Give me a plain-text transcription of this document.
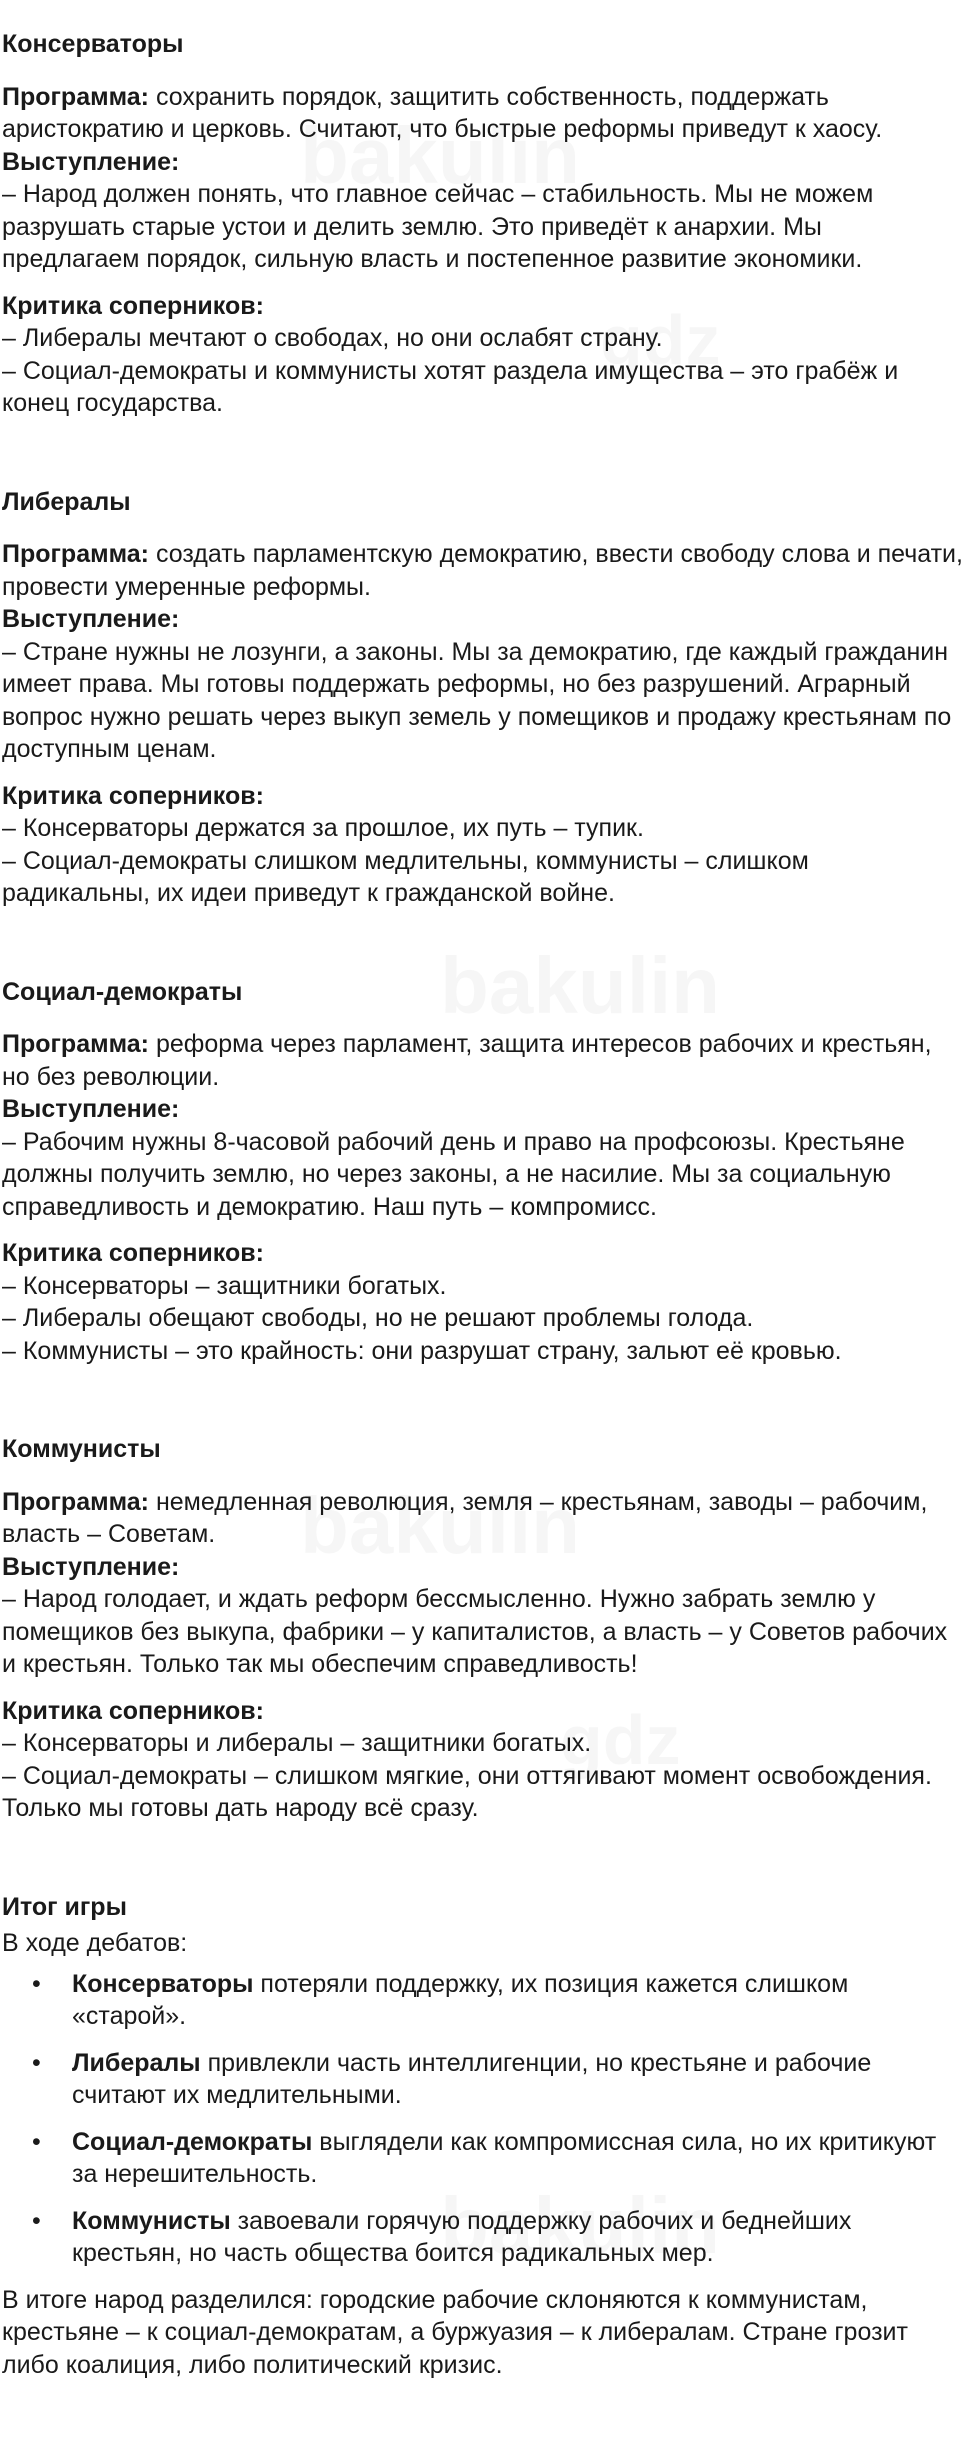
Консерваторы

Программа: сохранить порядок, защитить собственность, поддержать аристократию и церковь. Считают, что быстрые реформы приведут к хаосу.

Выступление:

– Народ должен понять, что главное сейчас – стабильность. Мы не можем разрушать старые устои и делить землю. Это приведёт к анархии. Мы предлагаем порядок, сильную власть и постепенное развитие экономики.

Критика соперников:
– Либералы мечтают о свободах, но они ослабят страну.
– Социал-демократы и коммунисты хотят раздела имущества – это грабёж и конец государства.
Либералы

Программа: создать парламентскую демократию, ввести свободу слова и печати, провести умеренные реформы.

Выступление:

– Стране нужны не лозунги, а законы. Мы за демократию, где каждый гражданин имеет права. Мы готовы поддержать реформы, но без разрушений. Аграрный вопрос нужно решать через выкуп земель у помещиков и продажу крестьянам по доступным ценам.

Критика соперников:
– Консерваторы держатся за прошлое, их путь – тупик.
– Социал-демократы слишком медлительны, коммунисты – слишком радикальны, их идеи приведут к гражданской войне.
Социал-демократы

Программа: реформа через парламент, защита интересов рабочих и крестьян, но без революции.

Выступление:

– Рабочим нужны 8-часовой рабочий день и право на профсоюзы. Крестьяне должны получить землю, но через законы, а не насилие. Мы за социальную справедливость и демократию. Наш путь – компромисс.

Критика соперников:
– Консерваторы – защитники богатых.
– Либералы обещают свободы, но не решают проблемы голода.
– Коммунисты – это крайность: они разрушат страну, зальют её кровью.
Коммунисты

Программа: немедленная революция, земля – крестьянам, заводы – рабочим, власть – Советам.

Выступление:

– Народ голодает, и ждать реформ бессмысленно. Нужно забрать землю у помещиков без выкупа, фабрики – у капиталистов, а власть – у Советов рабочих и крестьян. Только так мы обеспечим справедливость!

Критика соперников:
– Консерваторы и либералы – защитники богатых.
– Социал-демократы – слишком мягкие, они оттягивают момент освобождения. Только мы готовы дать народу всё сразу.
Итог игры

В ходе дебатов:

• Консерваторы потеряли поддержку, их позиция кажется слишком «старой».
• Либералы привлекли часть интеллигенции, но крестьяне и рабочие считают их медлительными.
• Социал-демократы выглядели как компромиссная сила, но их критикуют за нерешительность.
• Коммунисты завоевали горячую поддержку рабочих и беднейших крестьян, но часть общества боится радикальных мер.

В итоге народ разделился: городские рабочие склоняются к коммунистам, крестьяне – к социал-демократам, а буржуазия – к либералам. Стране грозит либо коалиция, либо политический кризис.
